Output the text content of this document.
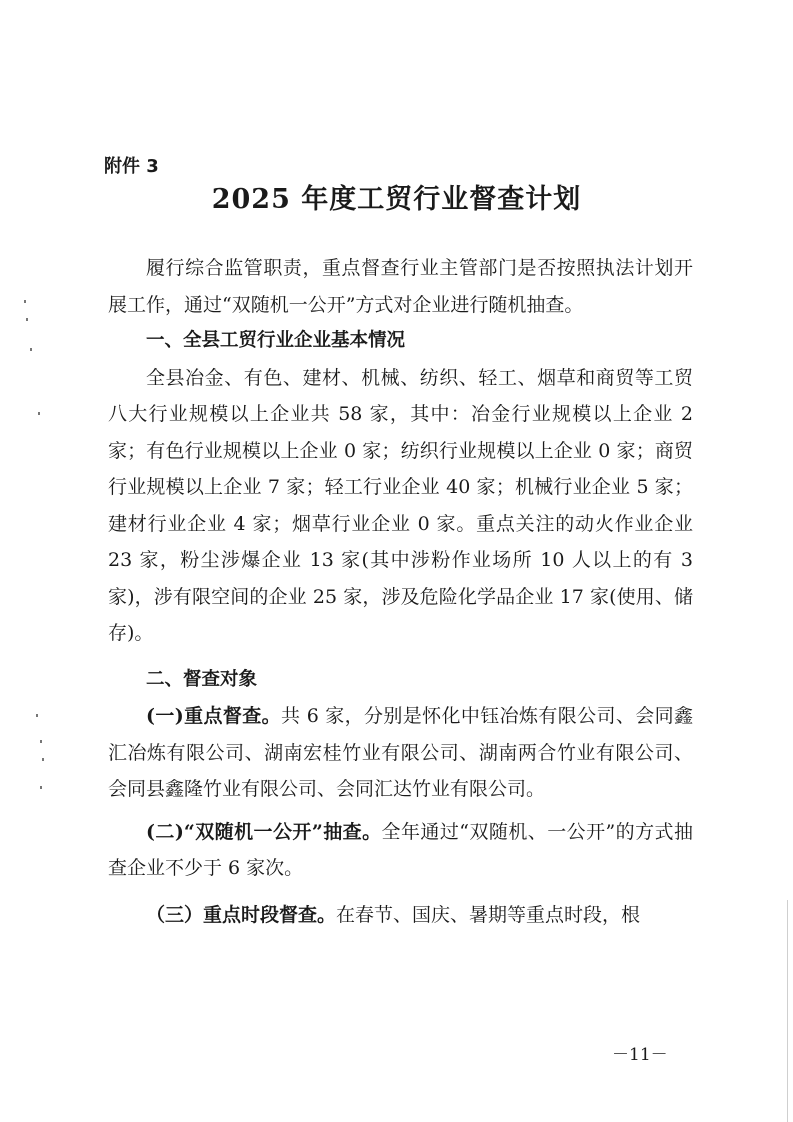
附件 3
2025 年度工贸行业督查计划

履行综合监管职责，重点督查行业主管部门是否按照执法计划开展工作，通过“双随机一公开”方式对企业进行随机抽查。

一、全县工贸行业企业基本情况

全县冶金、有色、建材、机械、纺织、轻工、烟草和商贸等工贸八大行业规模以上企业共 58 家，其中：冶金行业规模以上企业 2 家；有色行业规模以上企业 0 家；纺织行业规模以上企业 0 家；商贸行业规模以上企业 7 家；轻工行业企业 40 家；机械行业企业 5 家；建材行业企业 4 家；烟草行业企业 0 家。重点关注的动火作业企业 23 家，粉尘涉爆企业 13 家(其中涉粉作业场所 10 人以上的有 3 家)，涉有限空间的企业 25 家，涉及危险化学品企业 17 家(使用、储存)。

二、督查对象

(一)重点督查。共 6 家，分别是怀化中钰冶炼有限公司、会同鑫汇冶炼有限公司、湖南宏桂竹业有限公司、湖南两合竹业有限公司、会同县鑫隆竹业有限公司、会同汇达竹业有限公司。

(二)“双随机一公开”抽查。全年通过“双随机、一公开”的方式抽查企业不少于 6 家次。

（三）重点时段督查。在春节、国庆、暑期等重点时段，根

－11－
